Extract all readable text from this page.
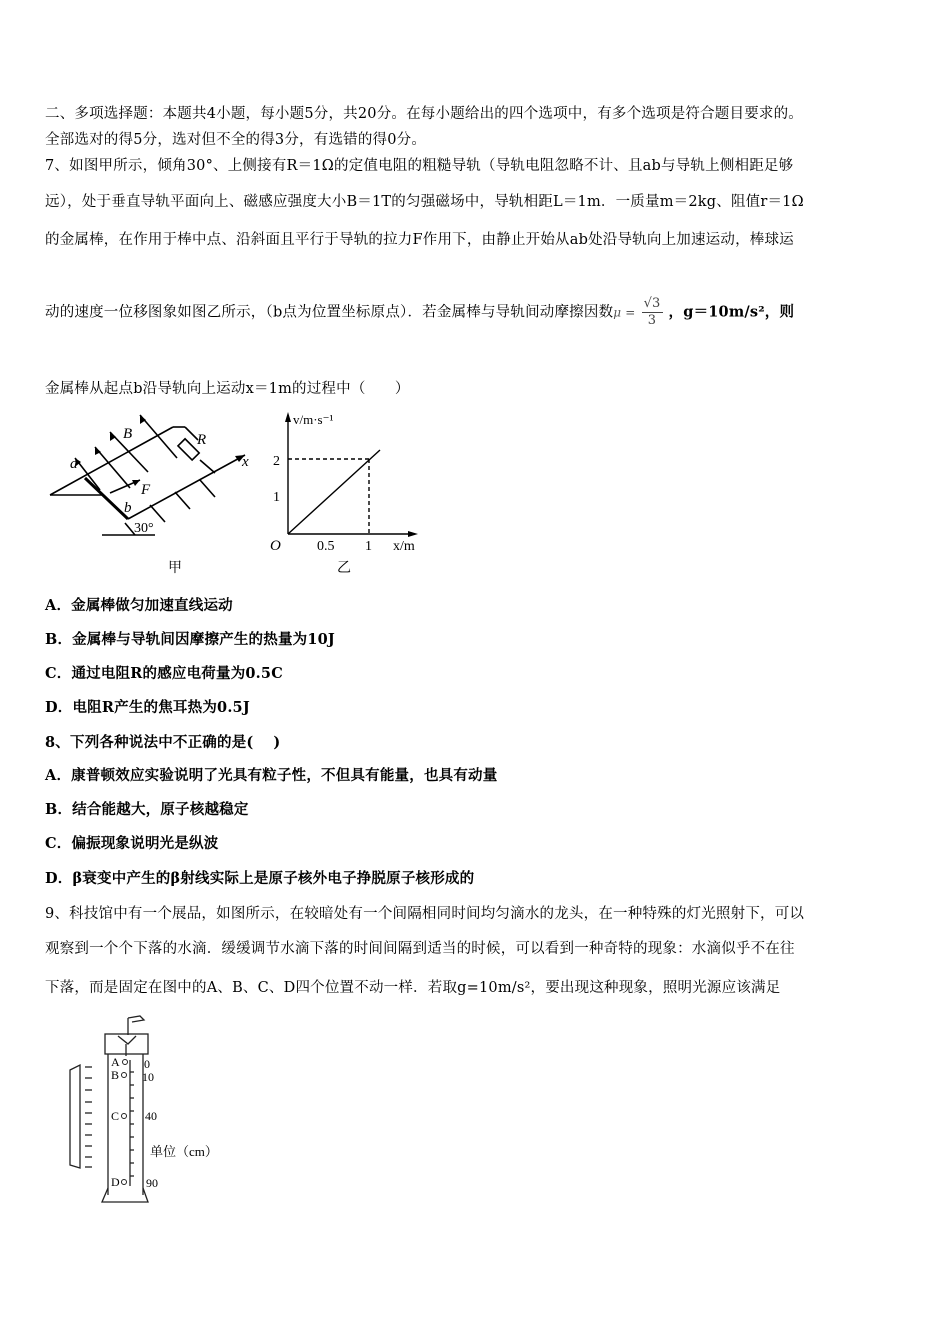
二、多项选择题：本题共4小题，每小题5分，共20分。在每小题给出的四个选项中，有多个选项是符合题目要求的。
全部选对的得5分，选对但不全的得3分，有选错的得0分。
7、如图甲所示，倾角30°、上侧接有R＝1Ω的定值电阻的粗糙导轨（导轨电阻忽略不计、且ab与导轨上侧相距足够
远），处于垂直导轨平面向上、磁感应强度大小B＝1T的匀强磁场中，导轨相距L＝1m．一质量m＝2kg、阻值r＝1Ω
的金属棒，在作用于棒中点、沿斜面且平行于导轨的拉力F作用下，由静止开始从ab处沿导轨向上加速运动，棒球运
动的速度一位移图象如图乙所示，（b点为位置坐标原点）．若金属棒与导轨间动摩擦因数$\mu = \frac{√3}{3}$ ，g＝10m/s²，则
金属棒从起点b沿导轨向上运动x＝1m的过程中（　　）
a
b
B	R
F
x
30°
甲
v/m·s⁻¹
1
2
O	0.5 1 x/m
乙
A．金属棒做匀加速直线运动
B．金属棒与导轨间因摩擦产生的热量为10J
C．通过电阻R的感应电荷量为0.5C
D．电阻R产生的焦耳热为0.5J
8、下列各种说法中不正确的是(　 )
A．康普顿效应实验说明了光具有粒子性，不但具有能量，也具有动量
B．结合能越大，原子核越稳定
C．偏振现象说明光是纵波
D．β衰变中产生的β射线实际上是原子核外电子挣脱原子核形成的
9、科技馆中有一个展品，如图所示，在较暗处有一个间隔相同时间均匀滴水的龙头，在一种特殊的灯光照射下，可以
观察到一个个下落的水滴．缓缓调节水滴下落的时间间隔到适当的时候，可以看到一种奇特的现象：水滴似乎不在往
下落，而是固定在图中的A、B、C、D四个位置不动一样．若取g=10m/s²，要出现这种现象，照明光源应该满足
A
B
C
D
0
10
40
90
单位（cm）
